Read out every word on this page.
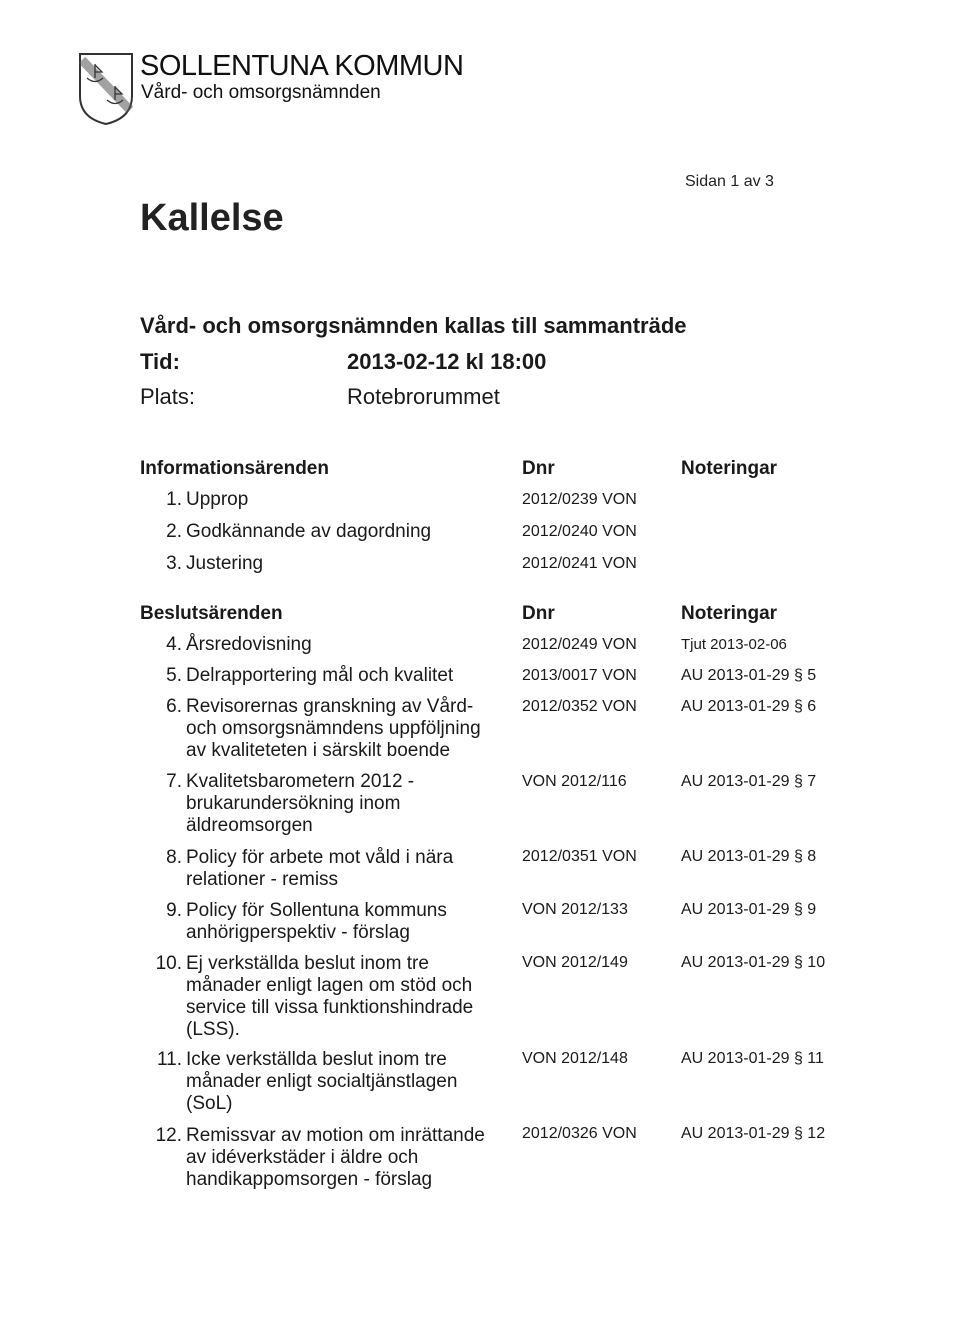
SOLLENTUNA KOMMUN
Vård- och omsorgsnämnden
Sidan 1 av 3
Kallelse
Vård- och omsorgsnämnden kallas till sammanträde
Tid:	2013-02-12 kl 18:00
Plats:	Rotebrorummet
Informationsärenden	Dnr	Noteringar
1. Upprop	2012/0239 VON
2. Godkännande av dagordning	2012/0240 VON
3. Justering	2012/0241 VON
Beslutsärenden	Dnr	Noteringar
4. Årsredovisning	2012/0249 VON	Tjut 2013-02-06
5. Delrapportering mål och kvalitet	2013/0017 VON	AU 2013-01-29 § 5
6. Revisorernas granskning av Vård-
och omsorgsnämndens uppföljning
av kvaliteteten i särskilt boende
2012/0352 VON	AU 2013-01-29 § 6
7. Kvalitetsbarometern 2012 -
brukarundersökning inom
äldreomsorgen
VON 2012/116	AU 2013-01-29 § 7
8. Policy för arbete mot våld i nära
relationer - remiss
2012/0351 VON	AU 2013-01-29 § 8
9. Policy för Sollentuna kommuns
anhörigperspektiv - förslag
VON 2012/133	AU 2013-01-29 § 9
10. Ej verkställda beslut inom tre
månader enligt lagen om stöd och
service till vissa funktionshindrade
(LSS).
VON 2012/149	AU 2013-01-29 § 10
11. Icke verkställda beslut inom tre
månader enligt socialtjänstlagen
(SoL)
VON 2012/148	AU 2013-01-29 § 11
12. Remissvar av motion om inrättande
av idéverkstäder i äldre och
handikappomsorgen - förslag
2012/0326 VON	AU 2013-01-29 § 12
